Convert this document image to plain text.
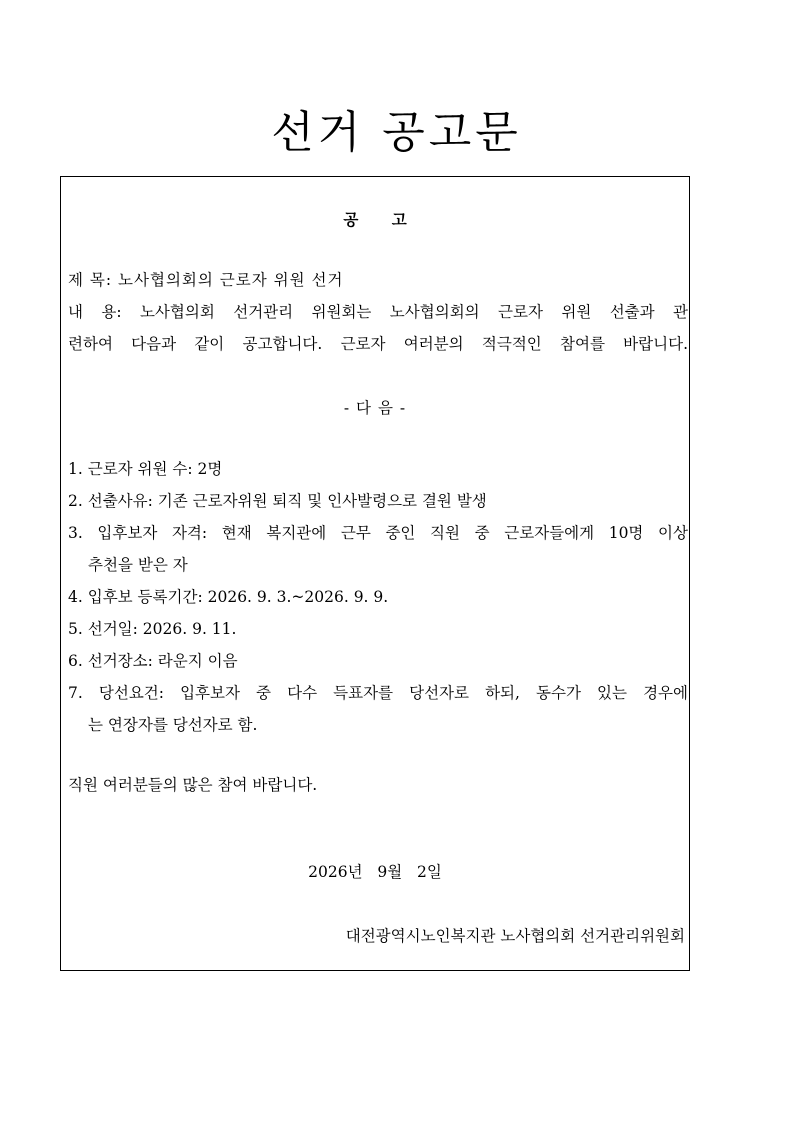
선거 공고문
공 고
제 목: 노사협의회의 근로자 위원 선거
내 용: 노사협의회 선거관리 위원회는 노사협의회의 근로자 위원 선출과 관
련하여 다음과 같이 공고합니다. 근로자 여러분의 적극적인 참여를 바랍니다.
- 다 음 -
1. 근로자 위원 수: 2명
2. 선출사유: 기존 근로자위원 퇴직 및 인사발령으로 결원 발생
3. 입후보자 자격: 현재 복지관에 근무 중인 직원 중 근로자들에게 10명 이상
추천을 받은 자
4. 입후보 등록기간: 2026. 9. 3.~2026. 9. 9.
5. 선거일: 2026. 9. 11.
6. 선거장소: 라운지 이음
7. 당선요건: 입후보자 중 다수 득표자를 당선자로 하되, 동수가 있는 경우에
는 연장자를 당선자로 함.
직원 여러분들의 많은 참여 바랍니다.
2026년   9월   2일
대전광역시노인복지관 노사협의회 선거관리위원회
